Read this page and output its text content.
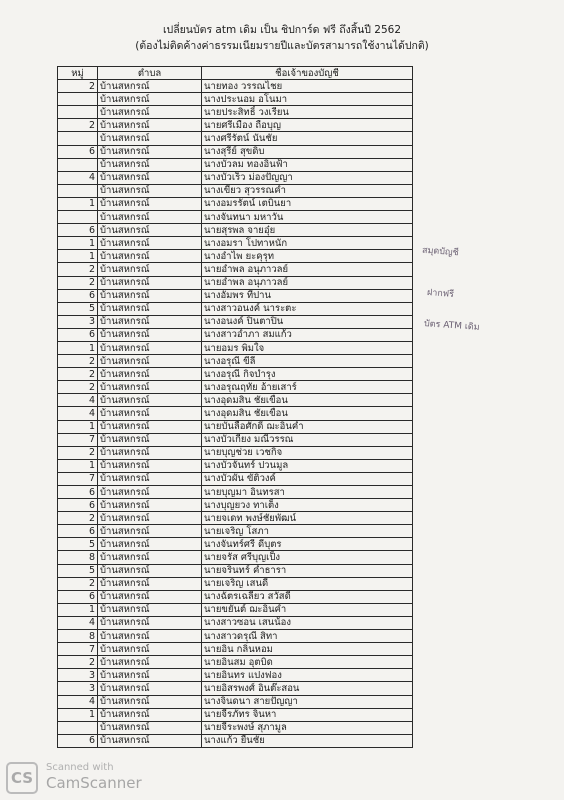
เปลี่ยนบัตร atm เดิม เป็น ชิปการ์ด ฟรี ถึงสิ้นปี 2562
(ต้องไม่ติดค้างค่าธรรมเนียมรายปีและบัตรสามารถใช้งานได้ปกติ)
หมู่	ตำบล	ชื่อเจ้าของบัญชี
2	บ้านสหกรณ์	นายทอง วรรณไชย
	บ้านสหกรณ์	นางประนอม อโนมา
	บ้านสหกรณ์	นายประสิทธิ์ วงเรียน
2	บ้านสหกรณ์	นายศรีเมือง ถือบุญ
	บ้านสหกรณ์	นางศรีรัตน์ นันชัย
6	บ้านสหกรณ์	นางสุรีย์ สุขดิบ
	บ้านสหกรณ์	นางบัวลม ทองอินฟ้า
4	บ้านสหกรณ์	นางบัวเร็ว ม่องปัญญา
	บ้านสหกรณ์	นางเขียว สุวรรณคำ
1	บ้านสหกรณ์	นางอมรรัตน์ เตบินยา
	บ้านสหกรณ์	นางจันทนา มหาวัน
6	บ้านสหกรณ์	นายสุรพล จายอุ๋ย
1	บ้านสหกรณ์	นางอมรา โปทาหนัก
1	บ้านสหกรณ์	นางอำไพ ยะคุรุท
2	บ้านสหกรณ์	นายอำพล อนุภาวลย์
2	บ้านสหกรณ์	นายอำพล อนุภาวลย์
6	บ้านสหกรณ์	นางอัมพร ทีปาน
5	บ้านสหกรณ์	นางสาวอนงค์ นาระตะ
3	บ้านสหกรณ์	นางอนงค์ ปินตาปิน
6	บ้านสหกรณ์	นางสาวอำภา สมแก้ว
1	บ้านสหกรณ์	นายอมร พิมใจ
2	บ้านสหกรณ์	นางอรุณี ขีลี
2	บ้านสหกรณ์	นางอรุณี กิจบำรุง
2	บ้านสหกรณ์	นางอรุณฤทัย อ้ายเสาร์
4	บ้านสหกรณ์	นางอุดมสิน ชัยเขื่อน
4	บ้านสหกรณ์	นางอุดมสิน ชัยเขื่อน
1	บ้านสหกรณ์	นายบันลือศักดิ์ ฌะอินคำ
7	บ้านสหกรณ์	นางบัวเกี่ยง มณีวรรณ
2	บ้านสหกรณ์	นายบุญช่วย เวชกิจ
1	บ้านสหกรณ์	นางบัวจันทร์ ปวนมูล
7	บ้านสหกรณ์	นางบัวผัน ขัติวงค์
6	บ้านสหกรณ์	นายบุญมา อินทรสา
6	บ้านสหกรณ์	นางบุญยวง ทาเต็ง
2	บ้านสหกรณ์	นายจเดท พงษ์ชัยพัฒน์
6	บ้านสหกรณ์	นายเจริญ โสภา
5	บ้านสหกรณ์	นางจันทร์ศรี ดีบุตร
8	บ้านสหกรณ์	นายจรัส ศรีบุญเป็ง
5	บ้านสหกรณ์	นายจรินทร์ คำธารา
2	บ้านสหกรณ์	นายเจริญ เสนดี
6	บ้านสหกรณ์	นางฉัตรเฉลียว สวัสดี
1	บ้านสหกรณ์	นายขยันต์ ฌะอินคำ
4	บ้านสหกรณ์	นางสาวซอน เสนน้อง
8	บ้านสหกรณ์	นางสาวดรุณี สิทา
7	บ้านสหกรณ์	นายอิน กลิ่นหอม
2	บ้านสหกรณ์	นายอินสม อุตบิด
3	บ้านสหกรณ์	นายอินทร แปงฟอง
3	บ้านสหกรณ์	นายอิสรพงศ์ อินต๊ะสอน
4	บ้านสหกรณ์	นางจินดนา สายปัญญา
1	บ้านสหกรณ์	นายจีรภัทร จินหา
	บ้านสหกรณ์	นายจีระพงษ์ สุภามูล
6	บ้านสหกรณ์	นางแก้ว ยืนชัย
สมุดบัญชี
ฝากฟรี
บัตร ATM เดิม
CS
Scanned with
CamScanner
